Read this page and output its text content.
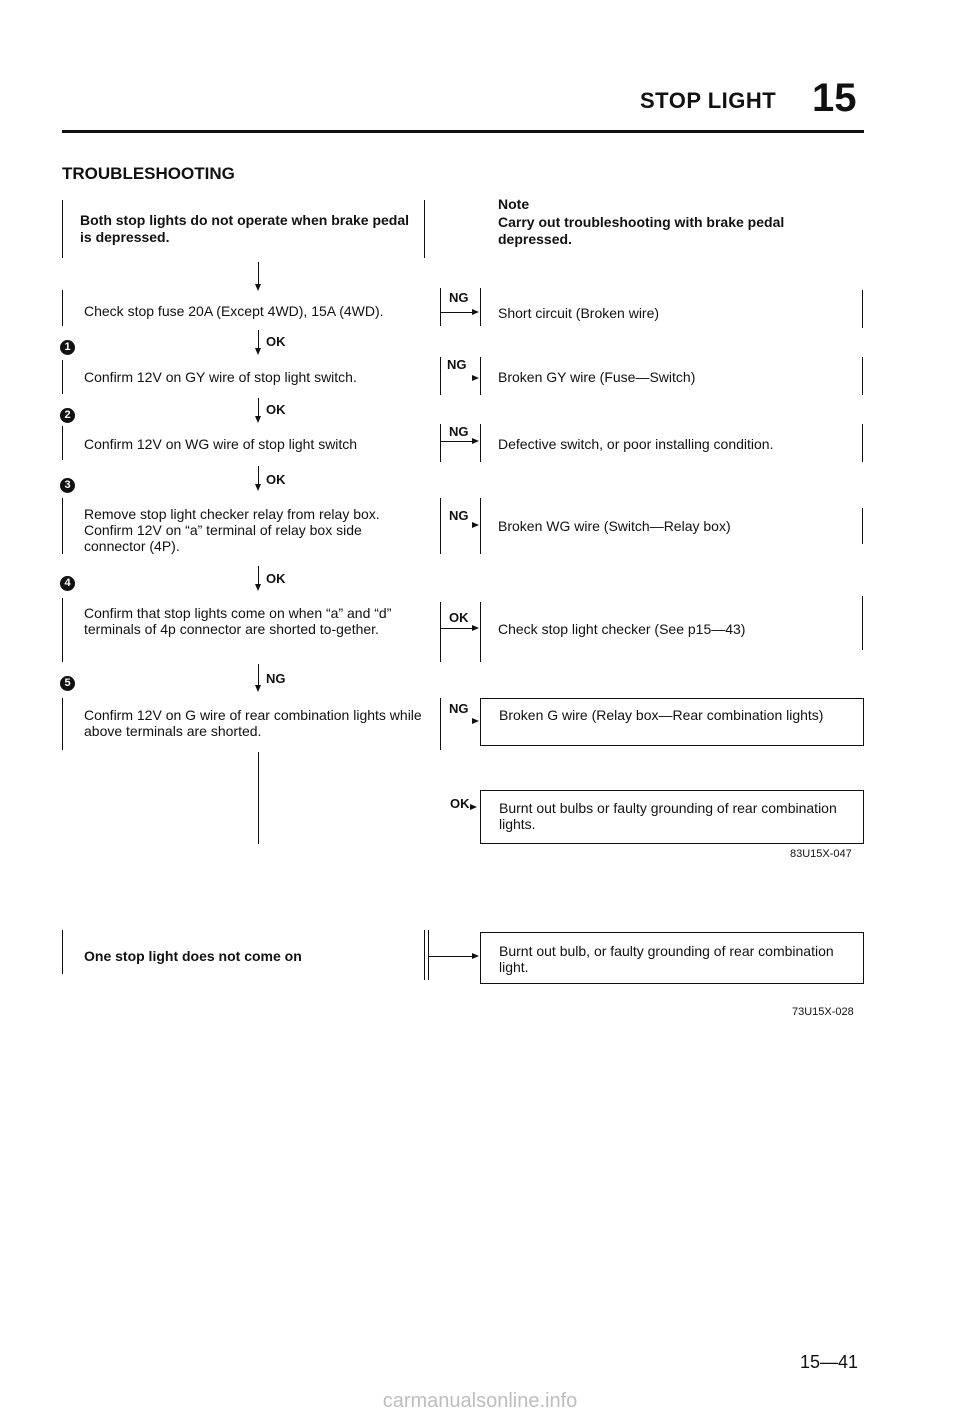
STOP LIGHT 15
TROUBLESHOOTING
Both stop lights do not operate when brake pedal is depressed.
Note
Carry out troubleshooting with brake pedal depressed.
Check stop fuse 20A (Except 4WD), 15A (4WD).
NG
Short circuit (Broken wire)
OK
1
Confirm 12V on GY wire of stop light switch.
NG
Broken GY wire (Fuse—Switch)
OK
2
Confirm 12V on WG wire of stop light switch
NG
Defective switch, or poor installing condition.
OK
3
Remove stop light checker relay from relay box. Confirm 12V on “a” terminal of relay box side connector (4P).
NG
Broken WG wire (Switch—Relay box)
OK
4
Confirm that stop lights come on when “a” and “d” terminals of 4p connector are shorted to-gether.
OK
Check stop light checker (See p15—43)
NG
5
Confirm 12V on G wire of rear combination lights while above terminals are shorted.
NG Broken G wire (Relay box—Rear combination lights)
OK Burnt out bulbs or faulty grounding of rear combination lights.
83U15X-047
One stop light does not come on	Burnt out bulb, or faulty grounding of rear combination light.
73U15X-028
15—41
carmanualsonline.info
